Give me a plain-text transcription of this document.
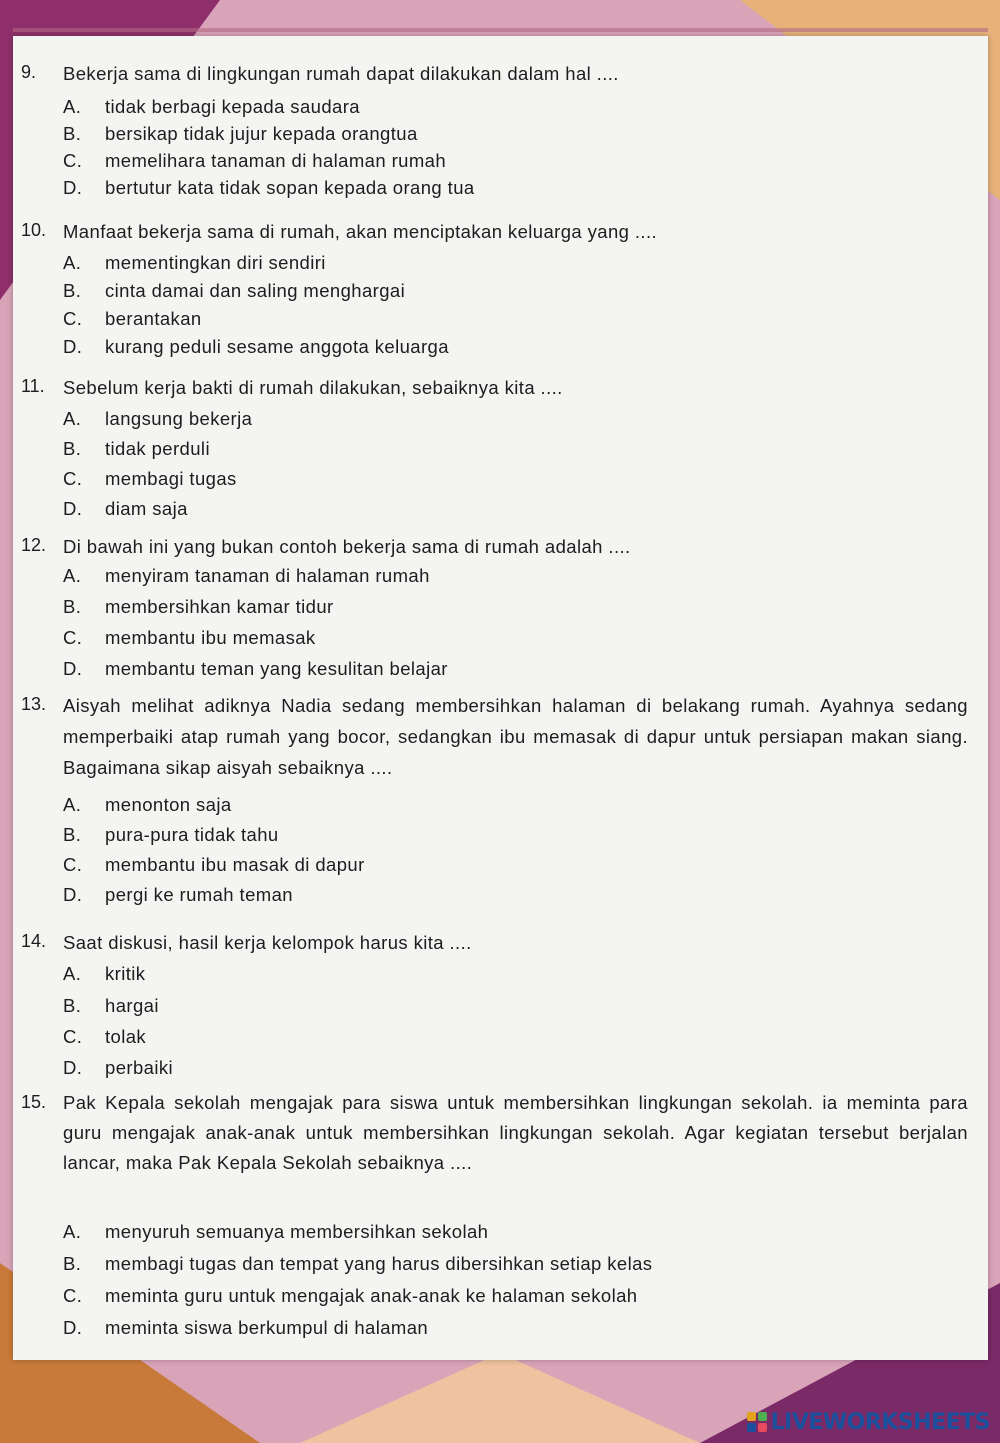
9. Bekerja sama di lingkungan rumah dapat dilakukan dalam hal ....
A. tidak berbagi kepada saudara
B. bersikap tidak jujur kepada orangtua
C. memelihara tanaman di halaman rumah
D. bertutur kata tidak sopan kepada orang tua
10. Manfaat bekerja sama di rumah, akan menciptakan keluarga yang ....
A. mementingkan diri sendiri
B. cinta damai dan saling menghargai
C. berantakan
D. kurang peduli sesame anggota keluarga
11. Sebelum kerja bakti di rumah dilakukan, sebaiknya kita ....
A. langsung bekerja
B. tidak perduli
C. membagi tugas
D. diam saja
12. Di bawah ini yang bukan contoh bekerja sama di rumah adalah ....
A. menyiram tanaman di halaman rumah
B. membersihkan kamar tidur
C. membantu ibu memasak
D. membantu teman yang kesulitan belajar
13. Aisyah melihat adiknya Nadia sedang membersihkan halaman di belakang rumah. Ayahnya sedang memperbaiki atap rumah yang bocor, sedangkan ibu memasak di dapur untuk persiapan makan siang. Bagaimana sikap aisyah sebaiknya ....
A. menonton saja
B. pura-pura tidak tahu
C. membantu ibu masak di dapur
D. pergi ke rumah teman
14. Saat diskusi, hasil kerja kelompok harus kita ....
A. kritik
B. hargai
C. tolak
D. perbaiki
15. Pak Kepala sekolah mengajak para siswa untuk membersihkan lingkungan sekolah. ia meminta para guru mengajak anak-anak untuk membersihkan lingkungan sekolah. Agar kegiatan tersebut berjalan lancar, maka Pak Kepala Sekolah sebaiknya ....
A. menyuruh semuanya membersihkan sekolah
B. membagi tugas dan tempat yang harus dibersihkan setiap kelas
C. meminta guru untuk mengajak anak-anak ke halaman sekolah
D. meminta siswa berkumpul di halaman
LIVEWORKSHEETS
